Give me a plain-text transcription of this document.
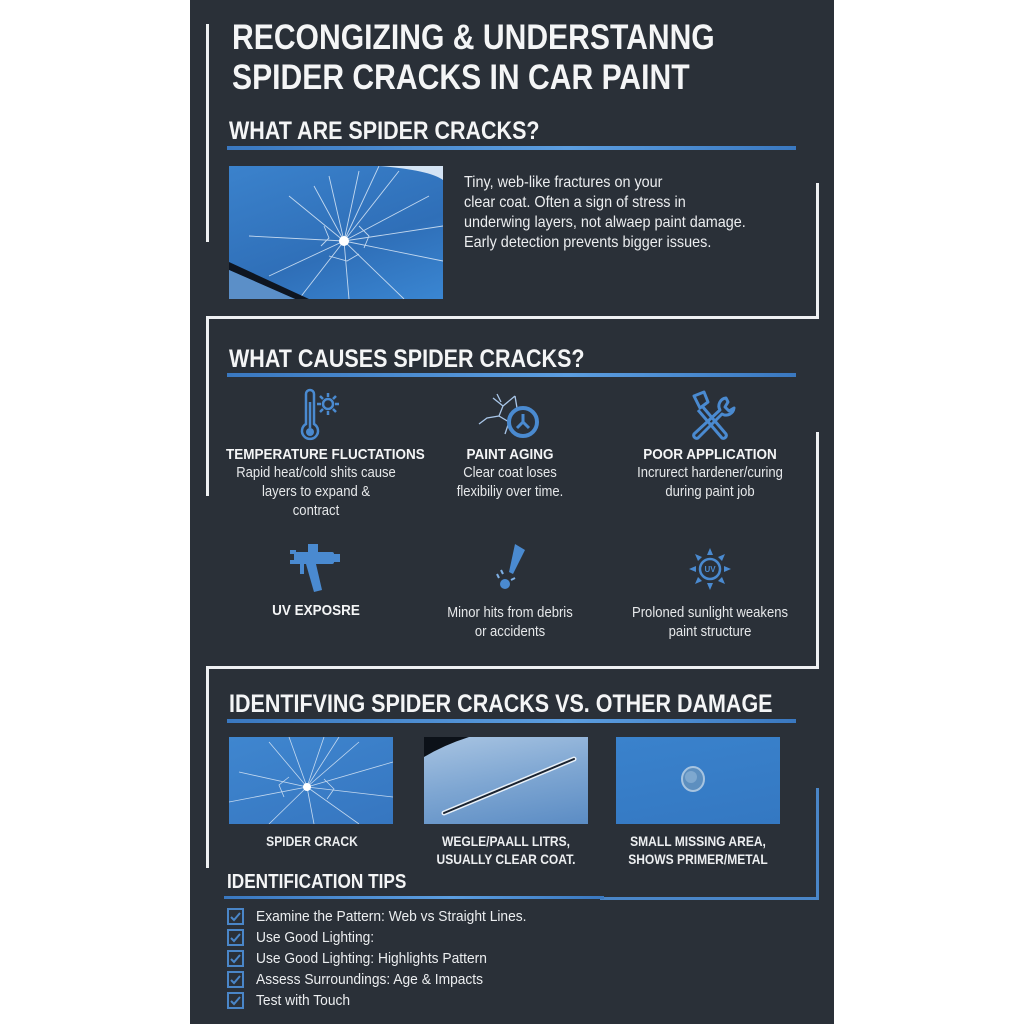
RECONGIZING & UNDERSTANNG
SPIDER CRACKS IN CAR PAINT
WHAT ARE SPIDER CRACKS?
Tiny, web-like fractures on your
clear coat. Often a sign of stress in
underwing layers, not alwaep paint damage.
Early detection prevents bigger issues.
WHAT CAUSES SPIDER CRACKS?
TEMPERATURE FLUCTATIONS
Rapid heat/cold shits cause
layers to expand &
contract
PAINT AGING
Clear coat loses
flexibiliy over time.
POOR APPLICATION
Incrurect hardener/curing
during paint job
UV EXPOSRE	Minor hits from debris
or accidents
UV
Proloned sunlight weakens
paint structure
IDENTIFVING SPIDER CRACKS VS. OTHER DAMAGE
SPIDER CRACK	WEGLE/PAALL LITRS,
USUALLY CLEAR COAT.
SMALL MISSING AREA,
SHOWS PRIMER/METAL
IDENTIFICATION TIPS
Examine the Pattern: Web vs Straight Lines.
Use Good Lighting:
Use Good Lighting: Highlights Pattern
Assess Surroundings: Age & Impacts
Test with Touch
